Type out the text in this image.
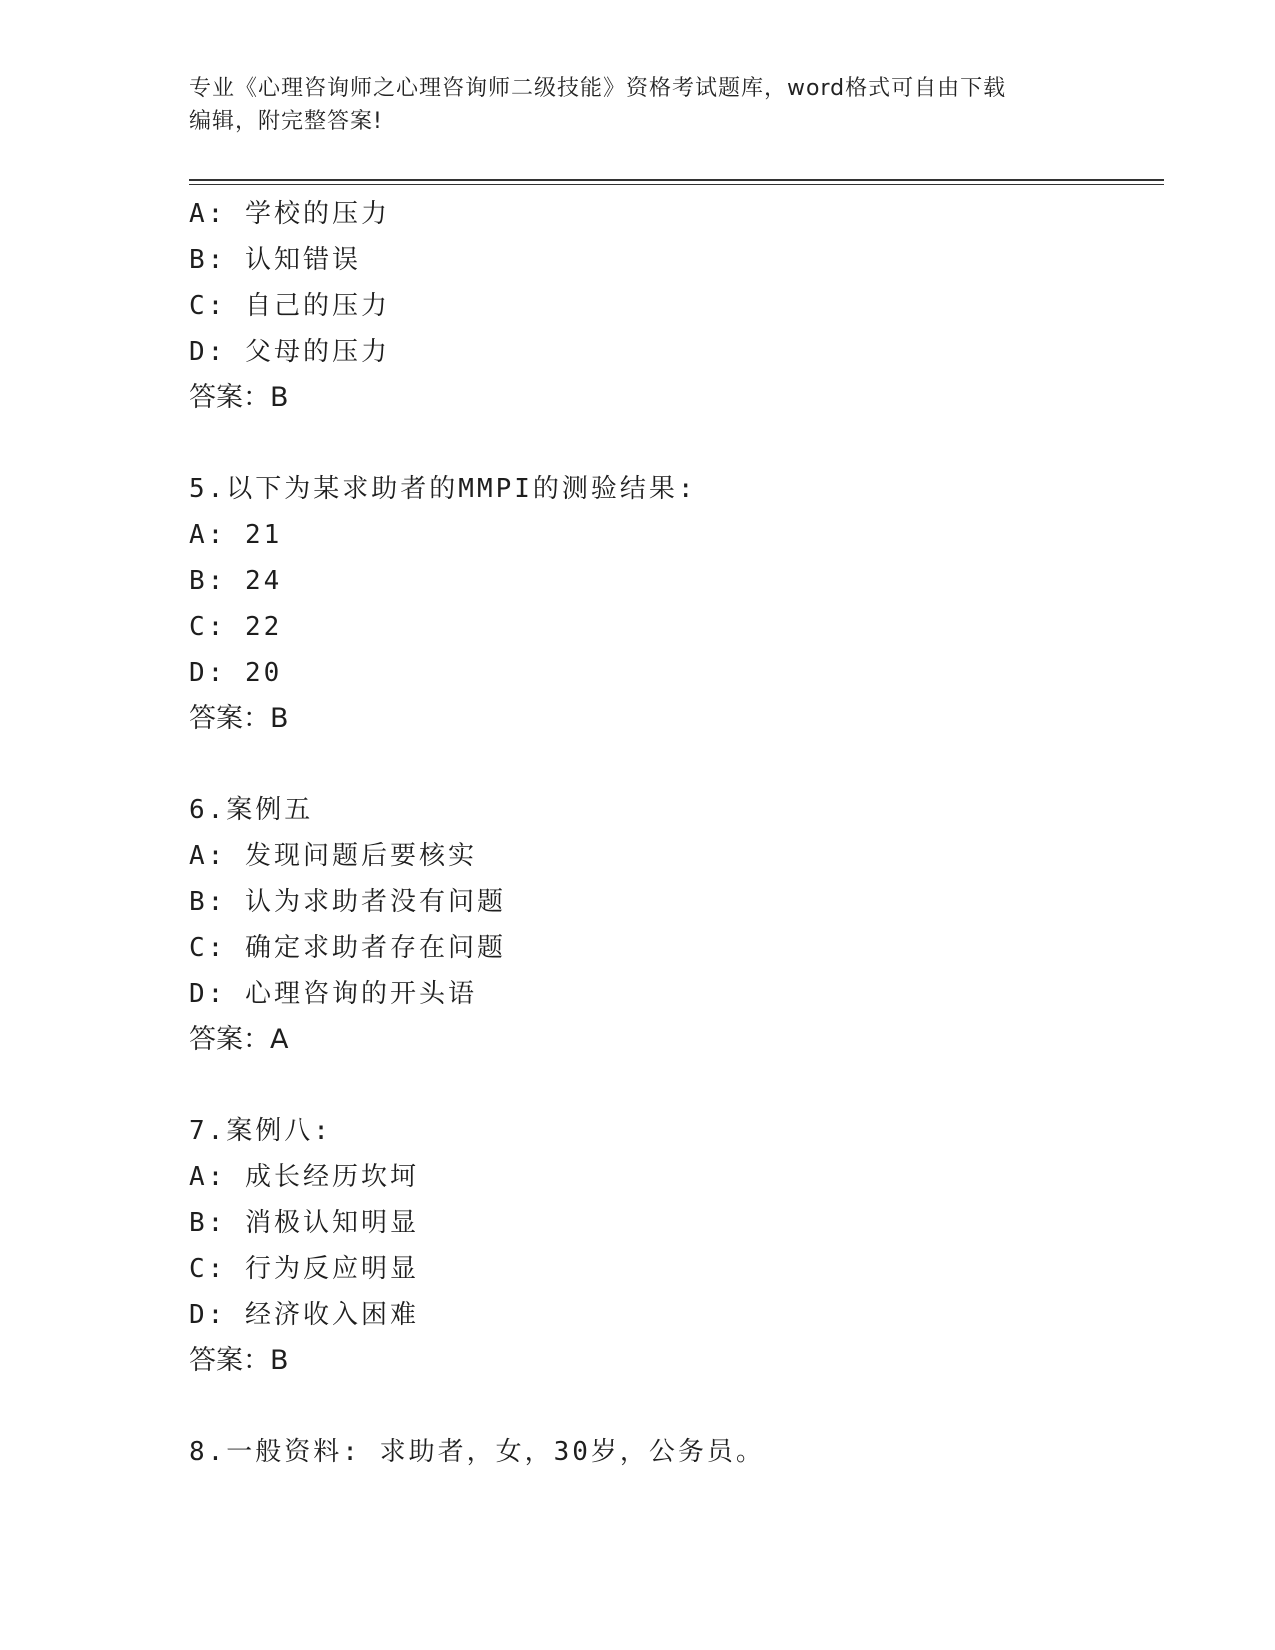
专业《心理咨询师之心理咨询师二级技能》资格考试题库，word格式可自由下载
编辑，附完整答案!
A: 学校的压力
B: 认知错误
C: 自己的压力
D: 父母的压力
答案：B
5.以下为某求助者的MMPI的测验结果:
A: 21
B: 24
C: 22
D: 20
答案：B
6.案例五
A: 发现问题后要核实
B: 认为求助者没有问题
C: 确定求助者存在问题
D: 心理咨询的开头语
答案：A
7.案例八:
A: 成长经历坎坷
B: 消极认知明显
C: 行为反应明显
D: 经济收入困难
答案：B
8.一般资料: 求助者，女，30岁，公务员。
